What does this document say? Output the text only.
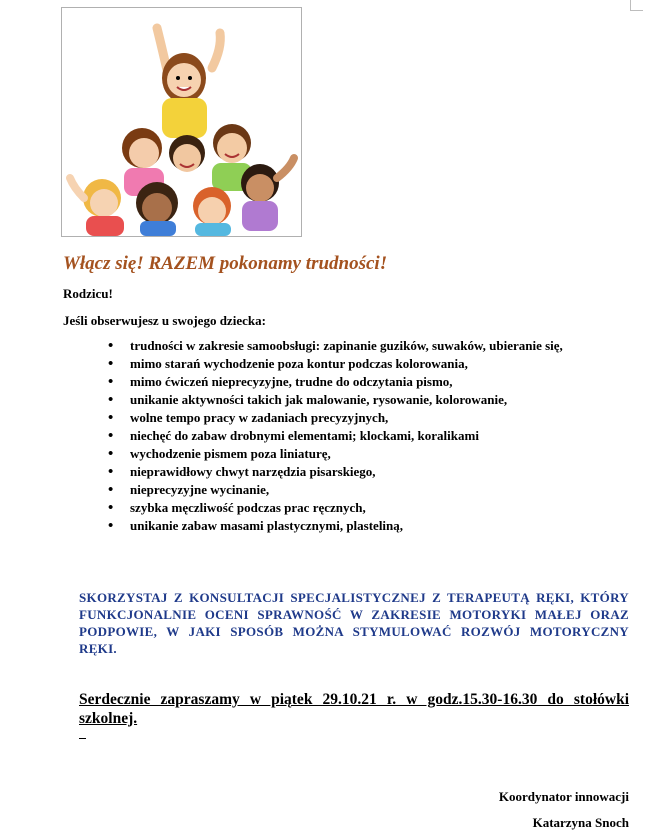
Włącz się! RAZEM pokonamy trudności!

Rodzicu!

Jeśli obserwujesz u swojego dziecka:

• trudności w zakresie samoobsługi: zapinanie guzików, suwaków, ubieranie się,
• mimo starań wychodzenie poza kontur podczas kolorowania,
• mimo ćwiczeń nieprecyzyjne, trudne do odczytania pismo,
• unikanie aktywności takich jak malowanie, rysowanie, kolorowanie,
• wolne tempo pracy w zadaniach precyzyjnych,
• niechęć do zabaw drobnymi elementami; klockami, koralikami
• wychodzenie pismem poza liniaturę,
• nieprawidłowy chwyt narzędzia pisarskiego,
• nieprecyzyjne wycinanie,
• szybka męczliwość podczas prac ręcznych,
• unikanie zabaw masami plastycznymi, plasteliną,

SKORZYSTAJ Z KONSULTACJI SPECJALISTYCZNEJ Z TERAPEUTĄ RĘKI, KTÓRY FUNKCJONALNIE OCENI SPRAWNOŚĆ W ZAKRESIE MOTORYKI MAŁEJ ORAZ PODPOWIE, W JAKI SPOSÓB MOŻNA STYMULOWAĆ ROZWÓJ MOTORYCZNY RĘKI.

Serdecznie zapraszamy w piątek 29.10.21 r. w godz.15.30-16.30 do stołówki szkolnej.

Koordynator innowacji

Katarzyna Snoch
